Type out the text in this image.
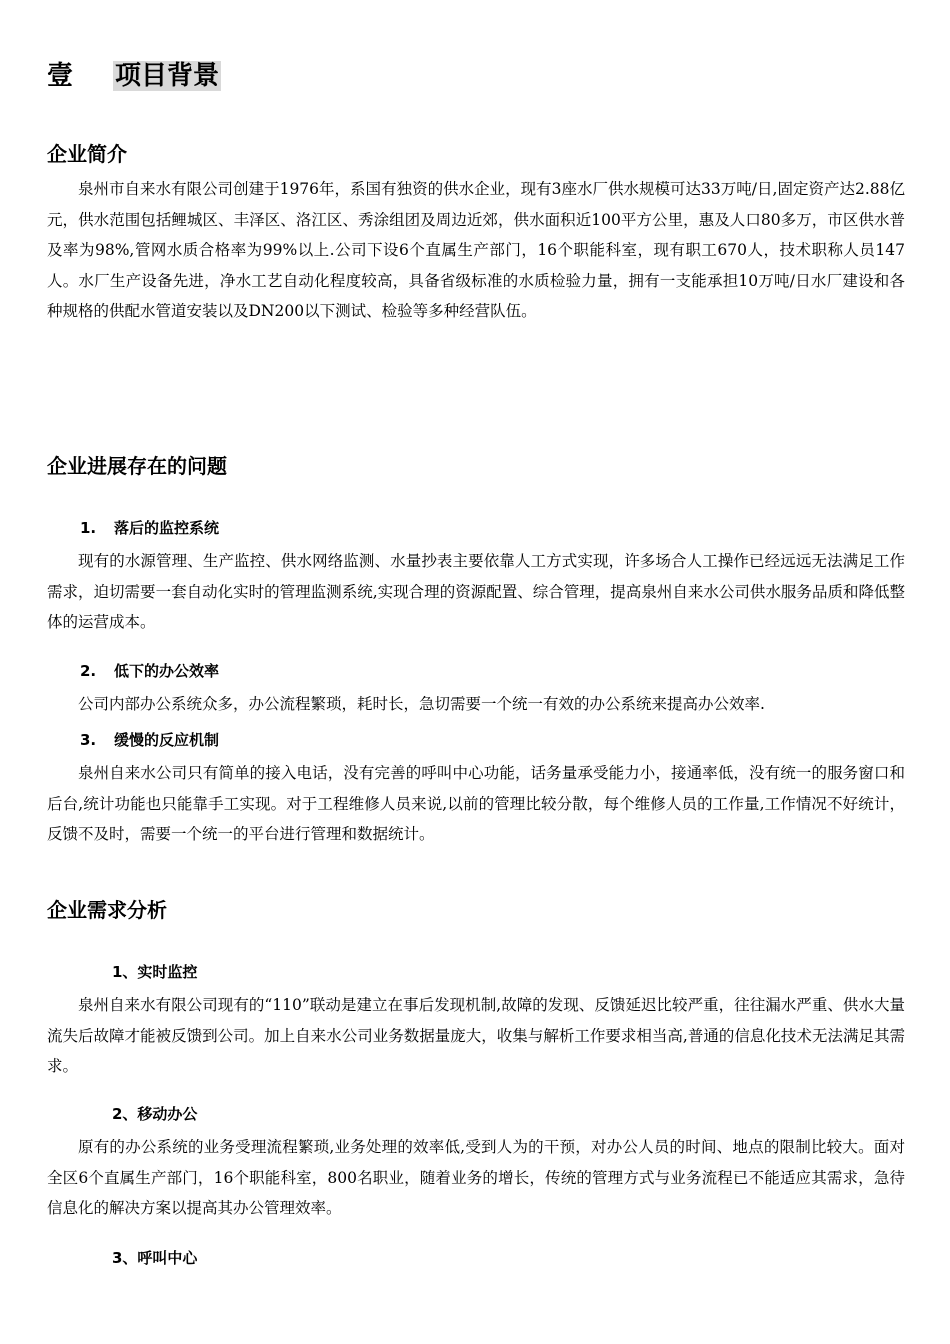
壹 项目背景
企业简介
泉州市自来水有限公司创建于1976年，系国有独资的供水企业，现有3座水厂供水规模可达33万吨/日,固定资产达2.88亿元，供水范围包括鲤城区、丰泽区、洛江区、秀涂组团及周边近郊，供水面积近100平方公里，惠及人口80多万，市区供水普及率为98%,管网水质合格率为99%以上.公司下设6个直属生产部门，16个职能科室，现有职工670人，技术职称人员147人。水厂生产设备先进，净水工艺自动化程度较高，具备省级标准的水质检验力量，拥有一支能承担10万吨/日水厂建设和各种规格的供配水管道安装以及DN200以下测试、检验等多种经营队伍。
企业进展存在的问题
1. 落后的监控系统
现有的水源管理、生产监控、供水网络监测、水量抄表主要依靠人工方式实现，许多场合人工操作已经远远无法满足工作需求，迫切需要一套自动化实时的管理监测系统,实现合理的资源配置、综合管理，提高泉州自来水公司供水服务品质和降低整体的运营成本。
2. 低下的办公效率
公司内部办公系统众多，办公流程繁琐，耗时长，急切需要一个统一有效的办公系统来提高办公效率.
3. 缓慢的反应机制
泉州自来水公司只有简单的接入电话，没有完善的呼叫中心功能，话务量承受能力小，接通率低，没有统一的服务窗口和后台,统计功能也只能靠手工实现。对于工程维修人员来说,以前的管理比较分散，每个维修人员的工作量,工作情况不好统计，反馈不及时，需要一个统一的平台进行管理和数据统计。
企业需求分析
1、实时监控
泉州自来水有限公司现有的“110”联动是建立在事后发现机制,故障的发现、反馈延迟比较严重，往往漏水严重、供水大量流失后故障才能被反馈到公司。加上自来水公司业务数据量庞大，收集与解析工作要求相当高,普通的信息化技术无法满足其需求。
2、移动办公
原有的办公系统的业务受理流程繁琐,业务处理的效率低,受到人为的干预，对办公人员的时间、地点的限制比较大。面对全区6个直属生产部门，16个职能科室，800名职业，随着业务的增长，传统的管理方式与业务流程已不能适应其需求，急待信息化的解决方案以提高其办公管理效率。
3、呼叫中心
